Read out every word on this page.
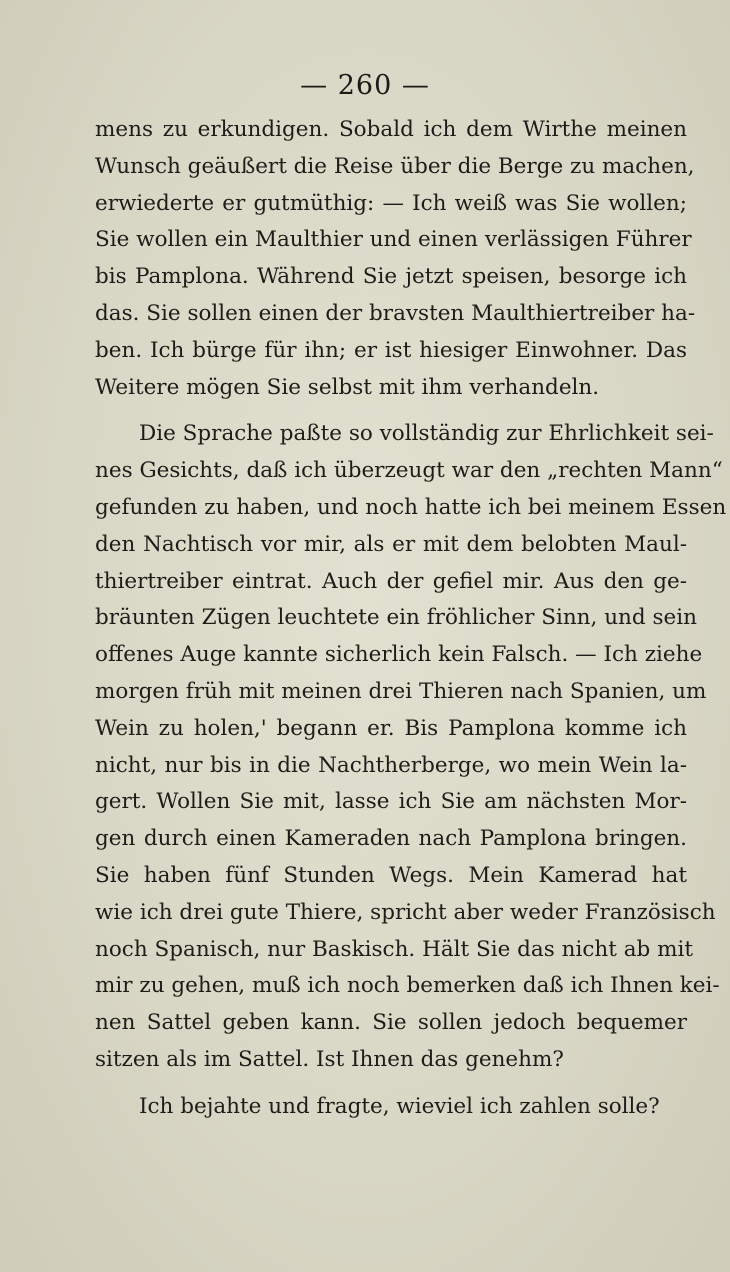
— 260 —
mens zu erkundigen. Sobald ich dem Wirthe meinen
Wunsch geäußert die Reise über die Berge zu machen,
erwiederte er gutmüthig: — Ich weiß was Sie wollen;
Sie wollen ein Maulthier und einen verlässigen Führer
bis Pamplona. Während Sie jetzt speisen, besorge ich
das. Sie sollen einen der bravsten Maulthiertreiber ha-
ben. Ich bürge für ihn; er ist hiesiger Einwohner. Das
Weitere mögen Sie selbst mit ihm verhandeln.
Die Sprache paßte so vollständig zur Ehrlichkeit sei-
nes Gesichts, daß ich überzeugt war den „rechten Mann“
gefunden zu haben, und noch hatte ich bei meinem Essen
den Nachtisch vor mir, als er mit dem belobten Maul-
thiertreiber eintrat. Auch der gefiel mir. Aus den ge-
bräunten Zügen leuchtete ein fröhlicher Sinn, und sein
offenes Auge kannte sicherlich kein Falsch. — Ich ziehe
morgen früh mit meinen drei Thieren nach Spanien, um
Wein zu holen,' begann er. Bis Pamplona komme ich
nicht, nur bis in die Nachtherberge, wo mein Wein la-
gert. Wollen Sie mit, lasse ich Sie am nächsten Mor-
gen durch einen Kameraden nach Pamplona bringen.
Sie haben fünf Stunden Wegs. Mein Kamerad hat
wie ich drei gute Thiere, spricht aber weder Französisch
noch Spanisch, nur Baskisch. Hält Sie das nicht ab mit
mir zu gehen, muß ich noch bemerken daß ich Ihnen kei-
nen Sattel geben kann. Sie sollen jedoch bequemer
sitzen als im Sattel. Ist Ihnen das genehm?
Ich bejahte und fragte, wieviel ich zahlen solle?
